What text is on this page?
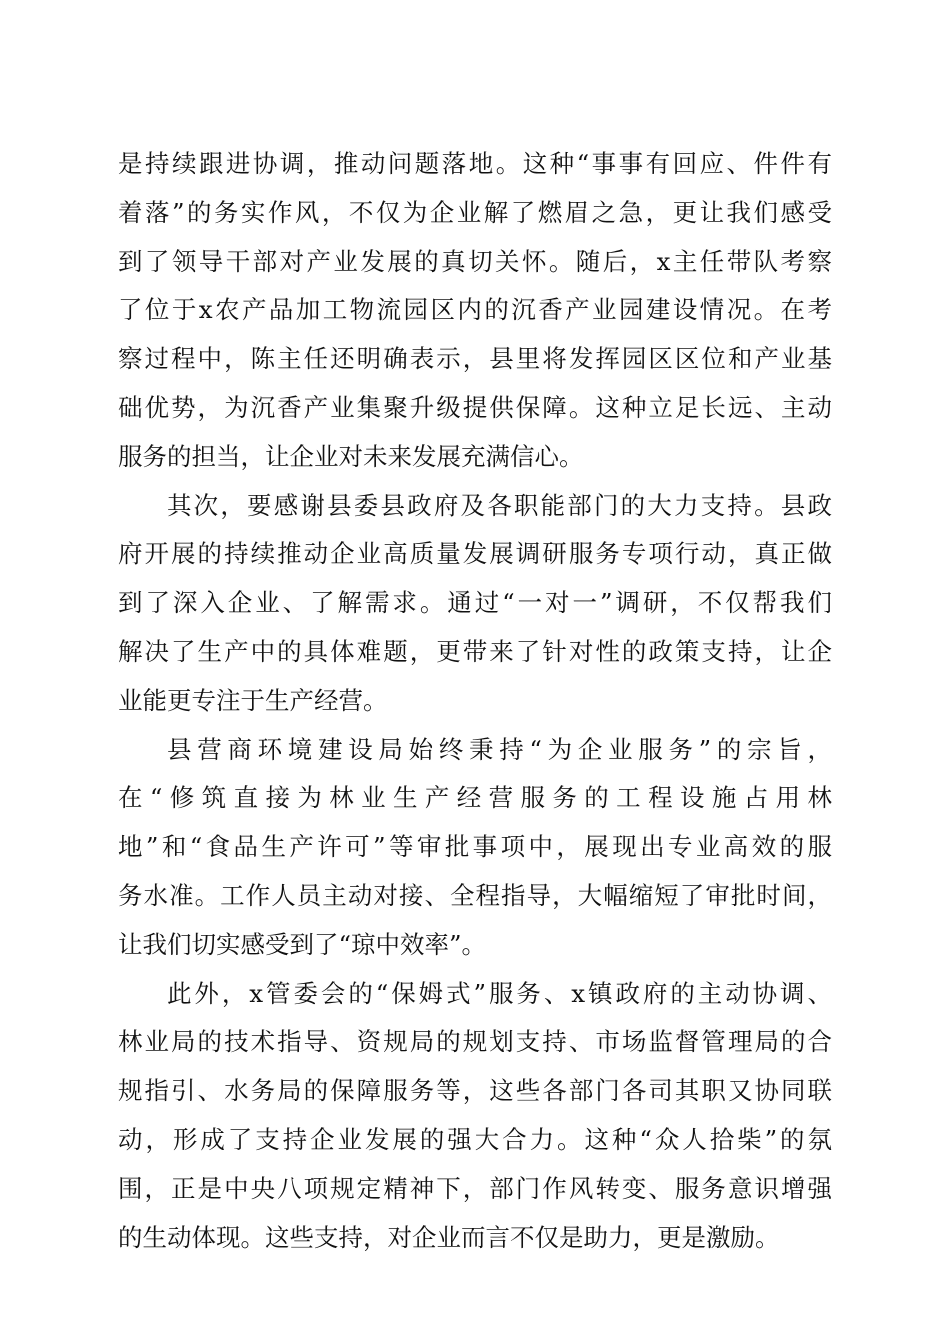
是持续跟进协调，推动问题落地。这种“事事有回应、件件有
着落”的务实作风，不仅为企业解了燃眉之急，更让我们感受
到了领导干部对产业发展的真切关怀。随后，x主任带队考察
了位于x农产品加工物流园区内的沉香产业园建设情况。在考
察过程中，陈主任还明确表示，县里将发挥园区区位和产业基
础优势，为沉香产业集聚升级提供保障。这种立足长远、主动
服务的担当，让企业对未来发展充满信心。
其次，要感谢县委县政府及各职能部门的大力支持。县政
府开展的持续推动企业高质量发展调研服务专项行动，真正做
到了深入企业、了解需求。通过“一对一”调研，不仅帮我们
解决了生产中的具体难题，更带来了针对性的政策支持，让企
业能更专注于生产经营。
县营商环境建设局始终秉持“为企业服务”的宗旨，
在“修筑直接为林业生产经营服务的工程设施占用林
地”和“食品生产许可”等审批事项中，展现出专业高效的服
务水准。工作人员主动对接、全程指导，大幅缩短了审批时间，
让我们切实感受到了“琼中效率”。
此外，x管委会的“保姆式”服务、x镇政府的主动协调、
林业局的技术指导、资规局的规划支持、市场监督管理局的合
规指引、水务局的保障服务等，这些各部门各司其职又协同联
动，形成了支持企业发展的强大合力。这种“众人拾柴”的氛
围，正是中央八项规定精神下，部门作风转变、服务意识增强
的生动体现。这些支持，对企业而言不仅是助力，更是激励。
